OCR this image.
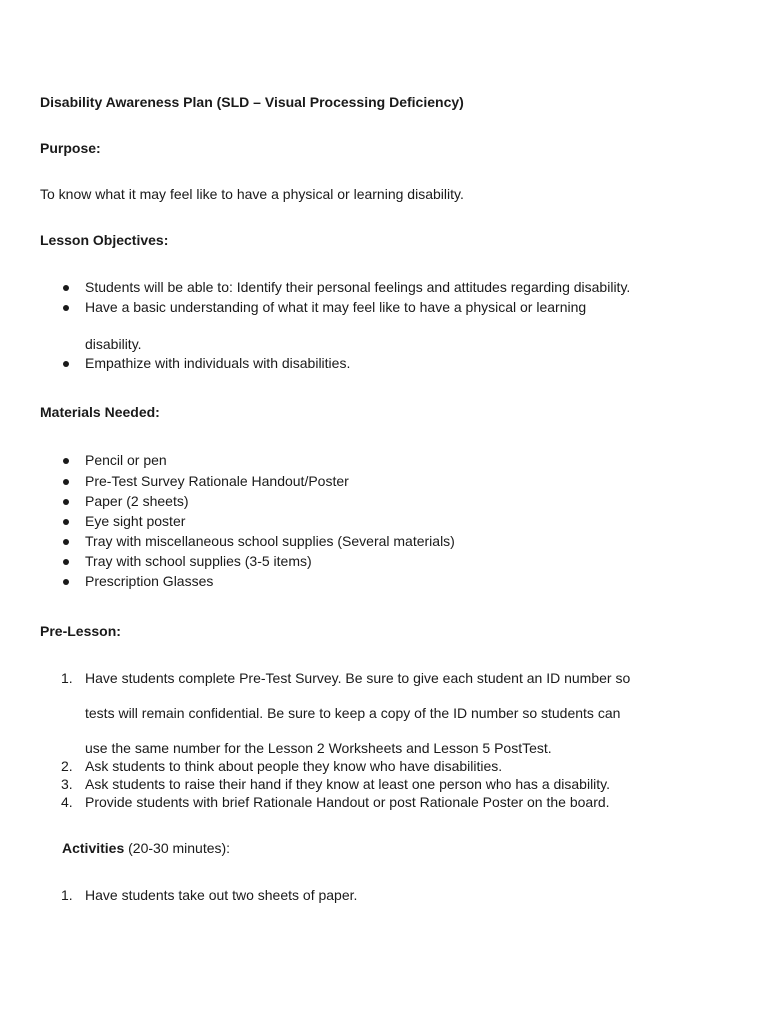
Disability Awareness Plan (SLD – Visual Processing Deficiency)
Purpose:
To know what it may feel like to have a physical or learning disability.
Lesson Objectives:
Students will be able to: Identify their personal feelings and attitudes regarding disability.
Have a basic understanding of what it may feel like to have a physical or learning
disability.
Empathize with individuals with disabilities.
Materials Needed:
Pencil or pen
Pre-Test Survey Rationale Handout/Poster
Paper (2 sheets)
Eye sight poster
Tray with miscellaneous school supplies (Several materials)
Tray with school supplies (3-5 items)
Prescription Glasses
Pre-Lesson:
1. Have students complete Pre-Test Survey. Be sure to give each student an ID number so
tests will remain confidential. Be sure to keep a copy of the ID number so students can
use the same number for the Lesson 2 Worksheets and Lesson 5 PostTest.
2. Ask students to think about people they know who have disabilities.
3. Ask students to raise their hand if they know at least one person who has a disability.
4. Provide students with brief Rationale Handout or post Rationale Poster on the board.
Activities (20-30 minutes):
1. Have students take out two sheets of paper.
